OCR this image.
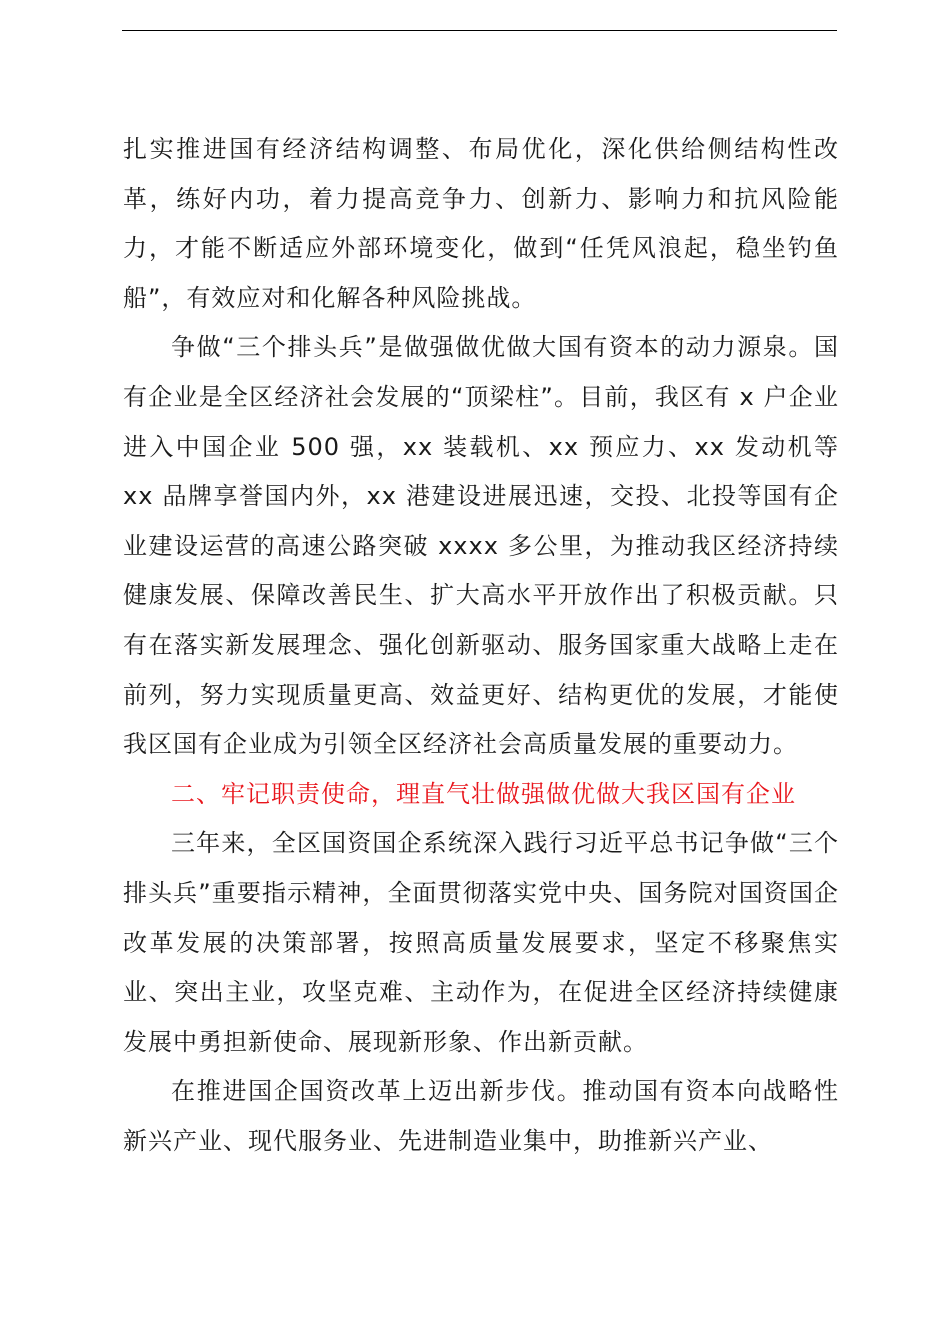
扎实推进国有经济结构调整、布局优化，深化供给侧结构性改革，练好内功，着力提高竞争力、创新力、影响力和抗风险能力，才能不断适应外部环境变化，做到“任凭风浪起，稳坐钓鱼船”，有效应对和化解各种风险挑战。

争做“三个排头兵”是做强做优做大国有资本的动力源泉。国有企业是全区经济社会发展的“顶梁柱”。目前，我区有 x 户企业进入中国企业 500 强，xx 装载机、xx 预应力、xx 发动机等 xx 品牌享誉国内外，xx 港建设进展迅速，交投、北投等国有企业建设运营的高速公路突破 xxxx 多公里，为推动我区经济持续健康发展、保障改善民生、扩大高水平开放作出了积极贡献。只有在落实新发展理念、强化创新驱动、服务国家重大战略上走在前列，努力实现质量更高、效益更好、结构更优的发展，才能使我区国有企业成为引领全区经济社会高质量发展的重要动力。

二、牢记职责使命，理直气壮做强做优做大我区国有企业

三年来，全区国资国企系统深入践行习近平总书记争做“三个排头兵”重要指示精神，全面贯彻落实党中央、国务院对国资国企改革发展的决策部署，按照高质量发展要求，坚定不移聚焦实业、突出主业，攻坚克难、主动作为，在促进全区经济持续健康发展中勇担新使命、展现新形象、作出新贡献。

在推进国企国资改革上迈出新步伐。推动国有资本向战略性新兴产业、现代服务业、先进制造业集中，助推新兴产业、
